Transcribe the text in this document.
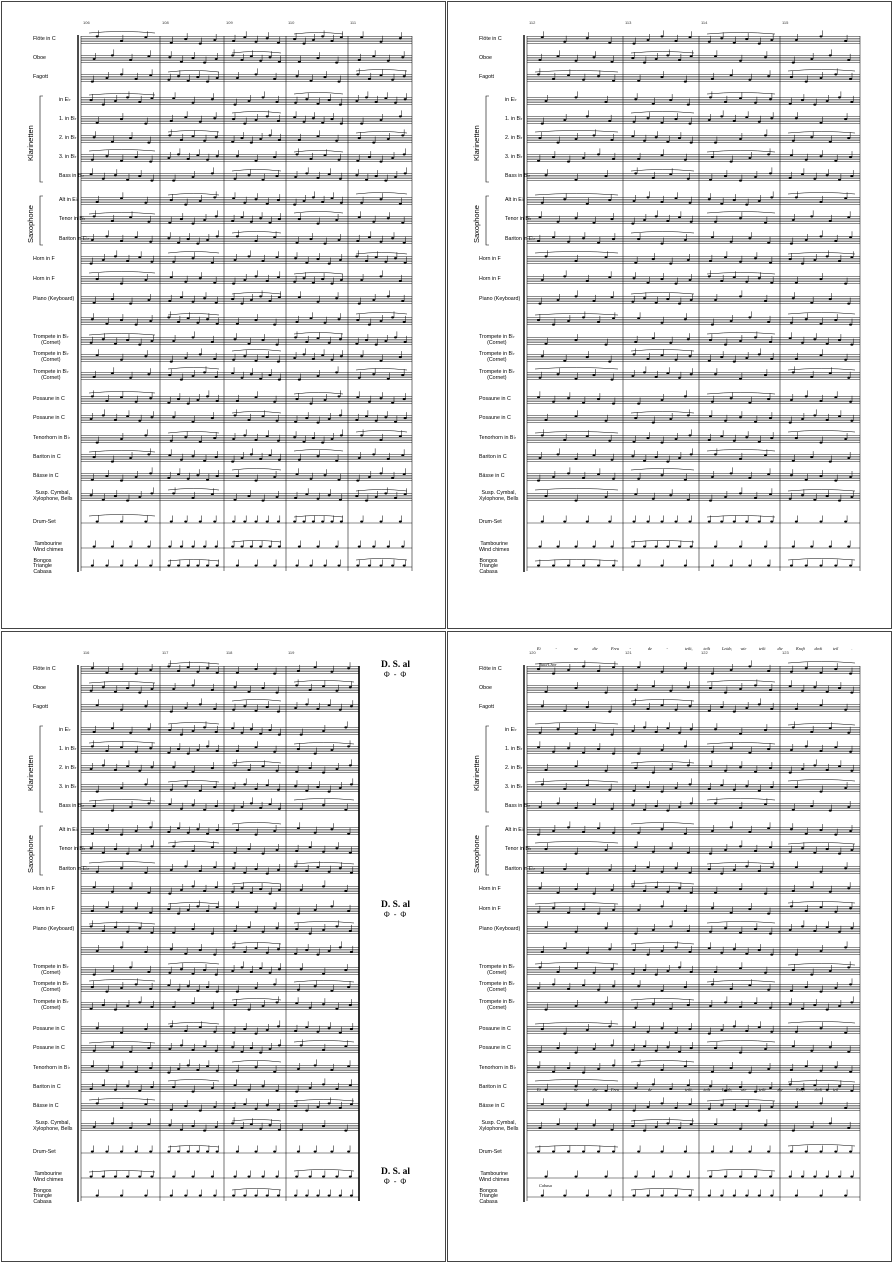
Klarinetten
Saxophone
Flöte in C
Oboe
Fagott
in E♭
1. in B♭
2. in B♭
3. in B♭
Bass in B♭
Alt in E♭
Tenor in B♭
Bariton in E♭
Horn in F
Horn in F
Piano (Keyboard)
Trompete in B♭
(Cornet)
Trompete in B♭
(Cornet)
Trompete in B♭
(Cornet)
Posaune in C
Posaune in C
Tenorhorn in B♭
Bariton in C
Bässe in C
Susp. Cymbal,
Xylophone, Bells
Drum-Set
Tambourine
Wind chimes
Bongos
Triangle
Cabasa
106	108	109	110	111
Klarinetten
Saxophone
Flöte in C
Oboe
Fagott
in E♭
1. in B♭
2. in B♭
3. in B♭
Bass in B♭
Alt in E♭
Tenor in B♭
Bariton in E♭
Horn in F
Horn in F
Piano (Keyboard)
Trompete in B♭
(Cornet)
Trompete in B♭
(Cornet)
Trompete in B♭
(Cornet)
Posaune in C
Posaune in C
Tenorhorn in B♭
Bariton in C
Bässe in C
Susp. Cymbal,
Xylophone, Bells
Drum-Set
Tambourine
Wind chimes
Bongos
Triangle
Cabasa
112	113	114	115
Klarinetten
Saxophone
Flöte in C
Oboe
Fagott
in E♭
1. in B♭
2. in B♭
3. in B♭
Bass in B♭
Alt in E♭
Tenor in B♭
Bariton in E♭
Horn in F
Horn in F
Piano (Keyboard)
Trompete in B♭
(Cornet)
Trompete in B♭
(Cornet)
Trompete in B♭
(Cornet)
Posaune in C
Posaune in C
Tenorhorn in B♭
Bariton in C
Bässe in C
Susp. Cymbal,
Xylophone, Bells
Drum-Set
Tambourine
Wind chimes
Bongos
Triangle
Cabasa
116	117	118	119
D. S. al
Φ - Φ
D. S. al
Φ - Φ
D. S. al
Φ - Φ
Klarinetten
Saxophone
Flöte in C
Oboe
Fagott
in E♭
1. in B♭
2. in B♭
3. in B♭
Bass in B♭
Alt in E♭
Tenor in B♭
Bariton in E♭
Horn in F
Horn in F
Piano (Keyboard)
Trompete in B♭
(Cornet)
Trompete in B♭
(Cornet)
Trompete in B♭
(Cornet)
Posaune in C
Posaune in C
Tenorhorn in B♭
Bariton in C
Bässe in C
Susp. Cymbal,
Xylophone, Bells
Drum-Set
Tambourine
Wind chimes
Bongos
Triangle
Cabasa
120	121	122	123
Ei	-	ne	die	Freu	-	de	-	teilt,	teilt	Leide, wie	teilt	die	Kraft deck	teil	.
Ei	-	ne	die	Freu	-	de	-	teilt,	teilt	Leide, wie	teilt	die	Kraft deck	teil	.
Tutti/Chor
Cabasa
